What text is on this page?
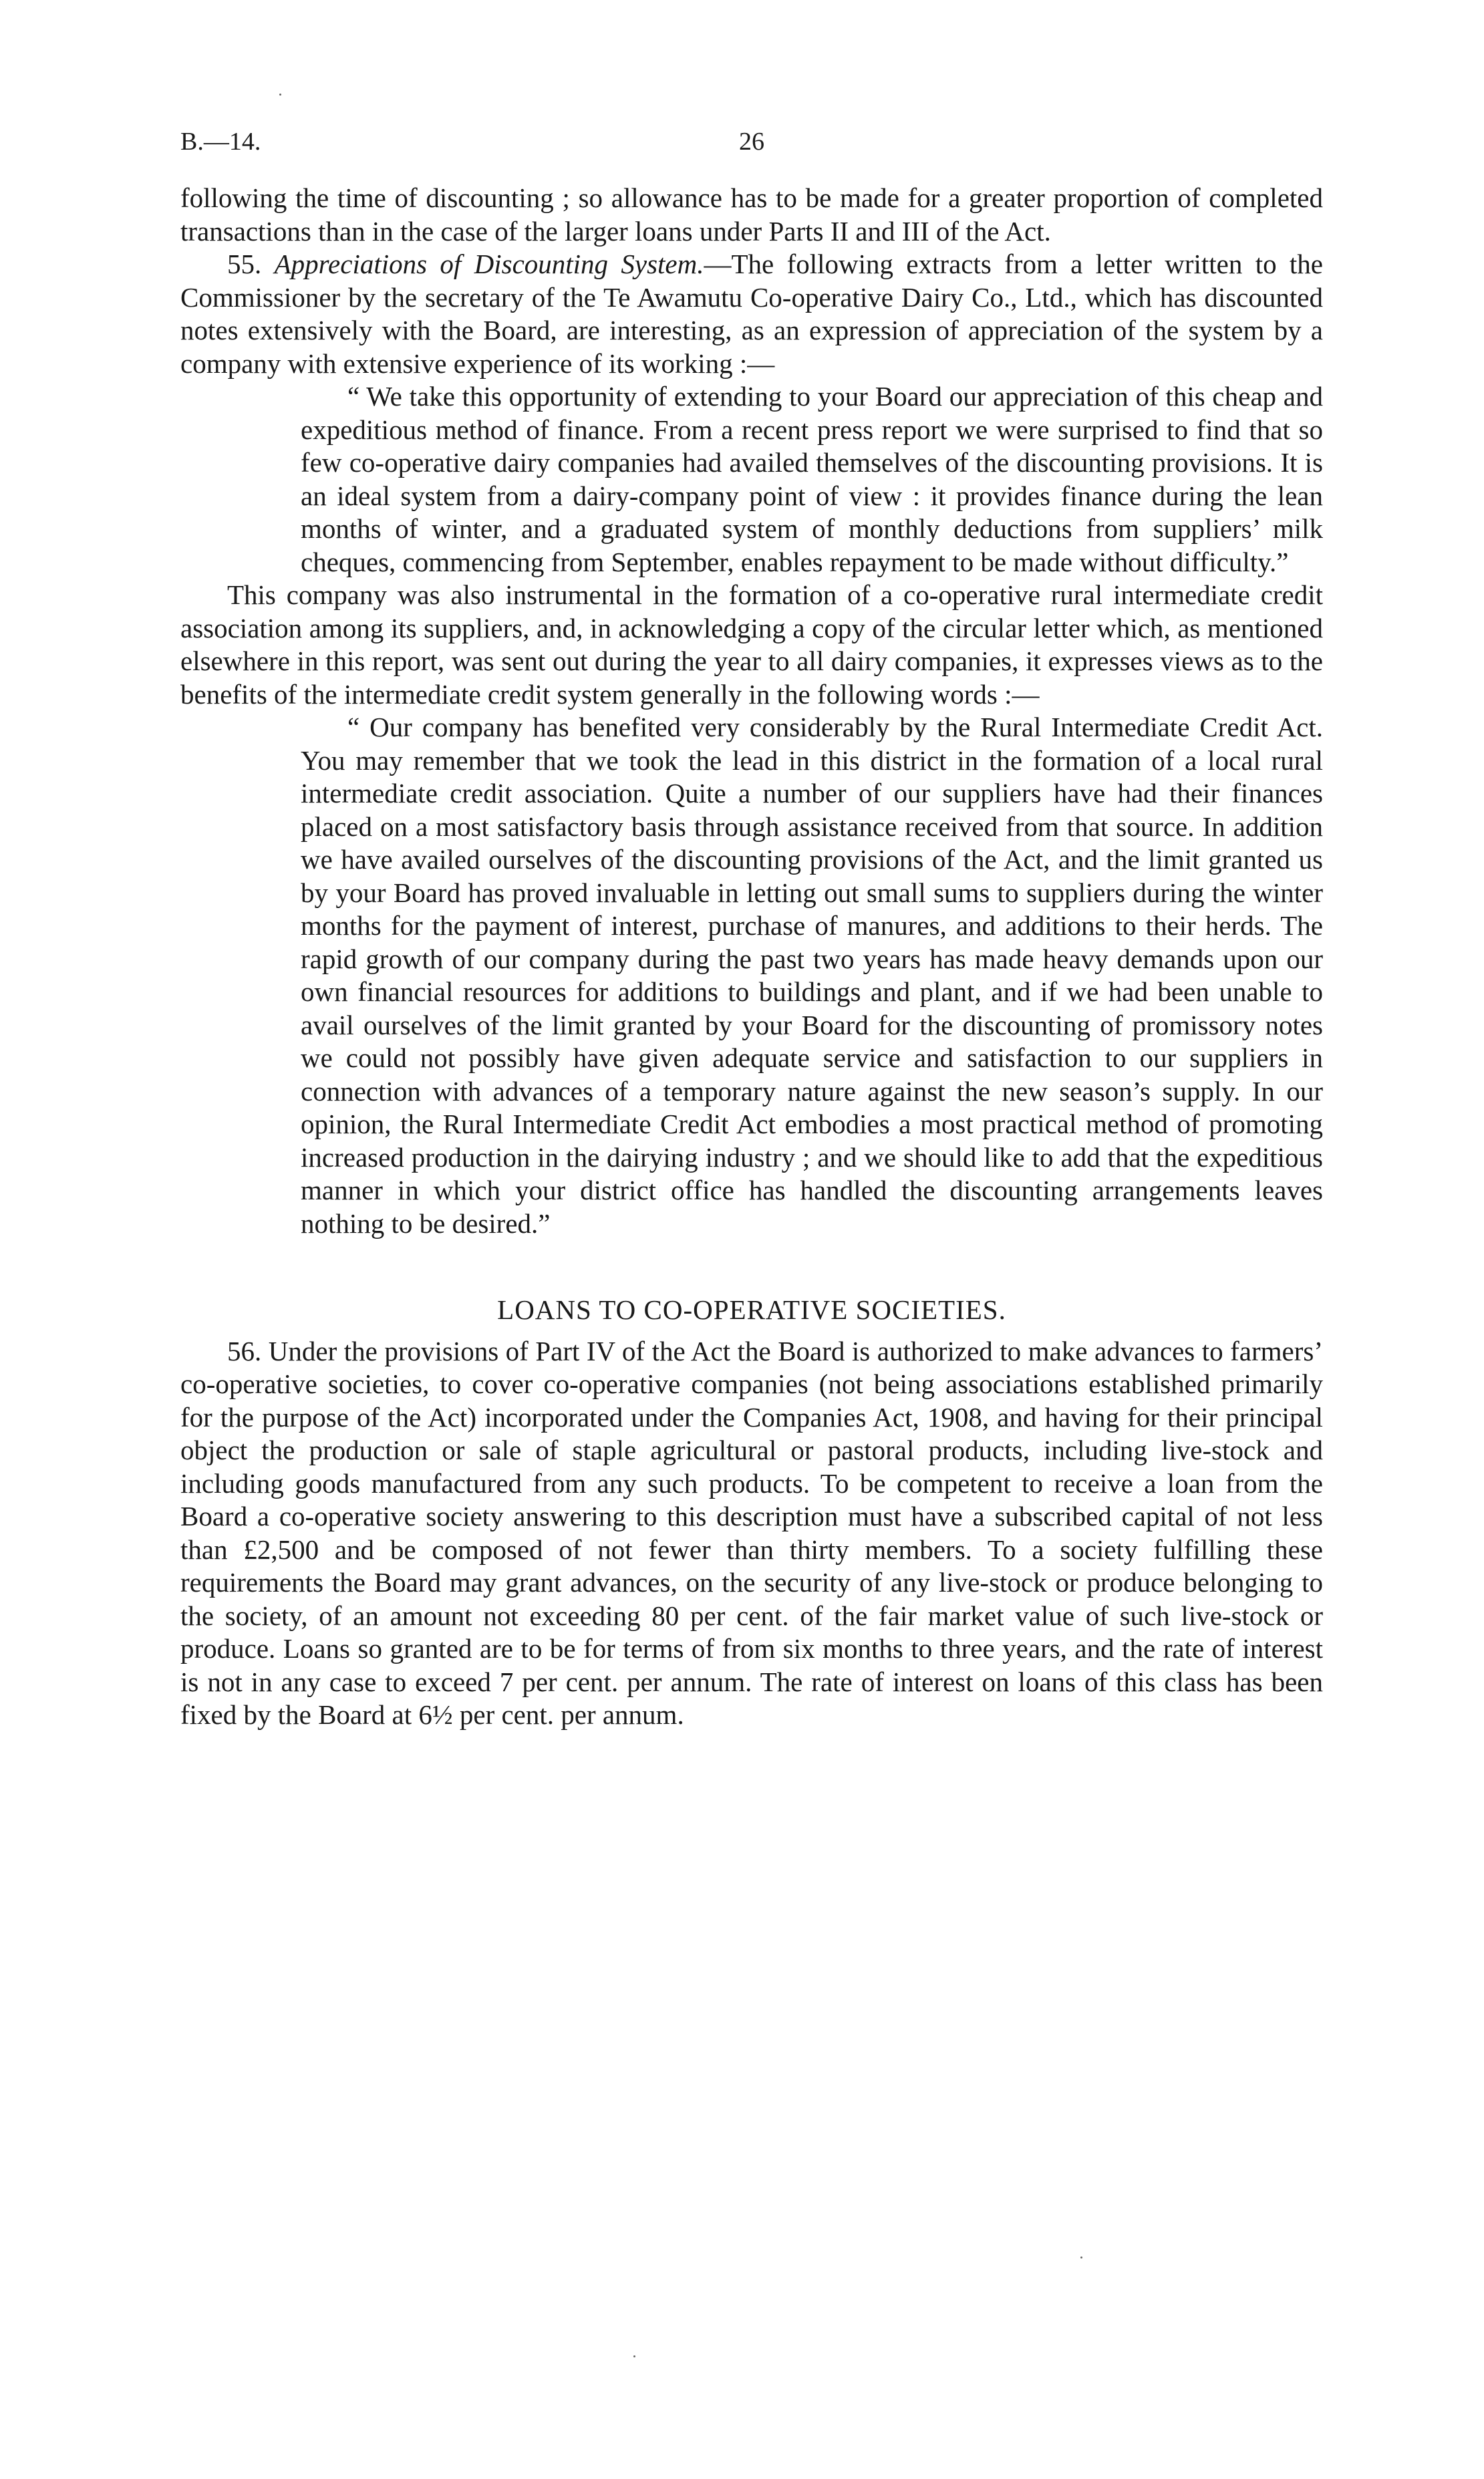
B.—14.	26

following the time of discounting ; so allowance has to be made for a greater proportion of completed transactions than in the case of the larger loans under Parts II and III of the Act.

55. Appreciations of Discounting System.—The following extracts from a letter written to the Commissioner by the secretary of the Te Awamutu Co-operative Dairy Co., Ltd., which has discounted notes extensively with the Board, are interesting, as an expression of appreciation of the system by a company with extensive experience of its working :—

“ We take this opportunity of extending to your Board our appreciation of this cheap and expeditious method of finance. From a recent press report we were surprised to find that so few co-operative dairy companies had availed themselves of the discounting provisions. It is an ideal system from a dairy-company point of view : it provides finance during the lean months of winter, and a graduated system of monthly deductions from suppliers’ milk cheques, commencing from September, enables repayment to be made without difficulty.”

This company was also instrumental in the formation of a co-operative rural intermediate credit association among its suppliers, and, in acknowledging a copy of the circular letter which, as mentioned elsewhere in this report, was sent out during the year to all dairy companies, it expresses views as to the benefits of the intermediate credit system generally in the following words :—

“ Our company has benefited very considerably by the Rural Intermediate Credit Act. You may remember that we took the lead in this district in the formation of a local rural intermediate credit association. Quite a number of our suppliers have had their finances placed on a most satisfactory basis through assistance received from that source. In addition we have availed ourselves of the discounting provisions of the Act, and the limit granted us by your Board has proved invaluable in letting out small sums to suppliers during the winter months for the payment of interest, purchase of manures, and additions to their herds. The rapid growth of our company during the past two years has made heavy demands upon our own financial resources for additions to buildings and plant, and if we had been unable to avail ourselves of the limit granted by your Board for the discounting of promissory notes we could not possibly have given adequate service and satisfaction to our suppliers in connection with advances of a temporary nature against the new season’s supply. In our opinion, the Rural Intermediate Credit Act embodies a most practical method of promoting increased production in the dairying industry ; and we should like to add that the expeditious manner in which your district office has handled the discounting arrangements leaves nothing to be desired.”

LOANS TO CO-OPERATIVE SOCIETIES.

56. Under the provisions of Part IV of the Act the Board is authorized to make advances to farmers’ co-operative societies, to cover co-operative companies (not being associations established primarily for the purpose of the Act) incorporated under the Companies Act, 1908, and having for their principal object the production or sale of staple agricultural or pastoral products, including live-stock and including goods manufactured from any such products. To be competent to receive a loan from the Board a co-operative society answering to this description must have a subscribed capital of not less than £2,500 and be composed of not fewer than thirty members. To a society fulfilling these requirements the Board may grant advances, on the security of any live-stock or produce belonging to the society, of an amount not exceeding 80 per cent. of the fair market value of such live-stock or produce. Loans so granted are to be for terms of from six months to three years, and the rate of interest is not in any case to exceed 7 per cent. per annum. The rate of interest on loans of this class has been fixed by the Board at 6½ per cent. per annum.
